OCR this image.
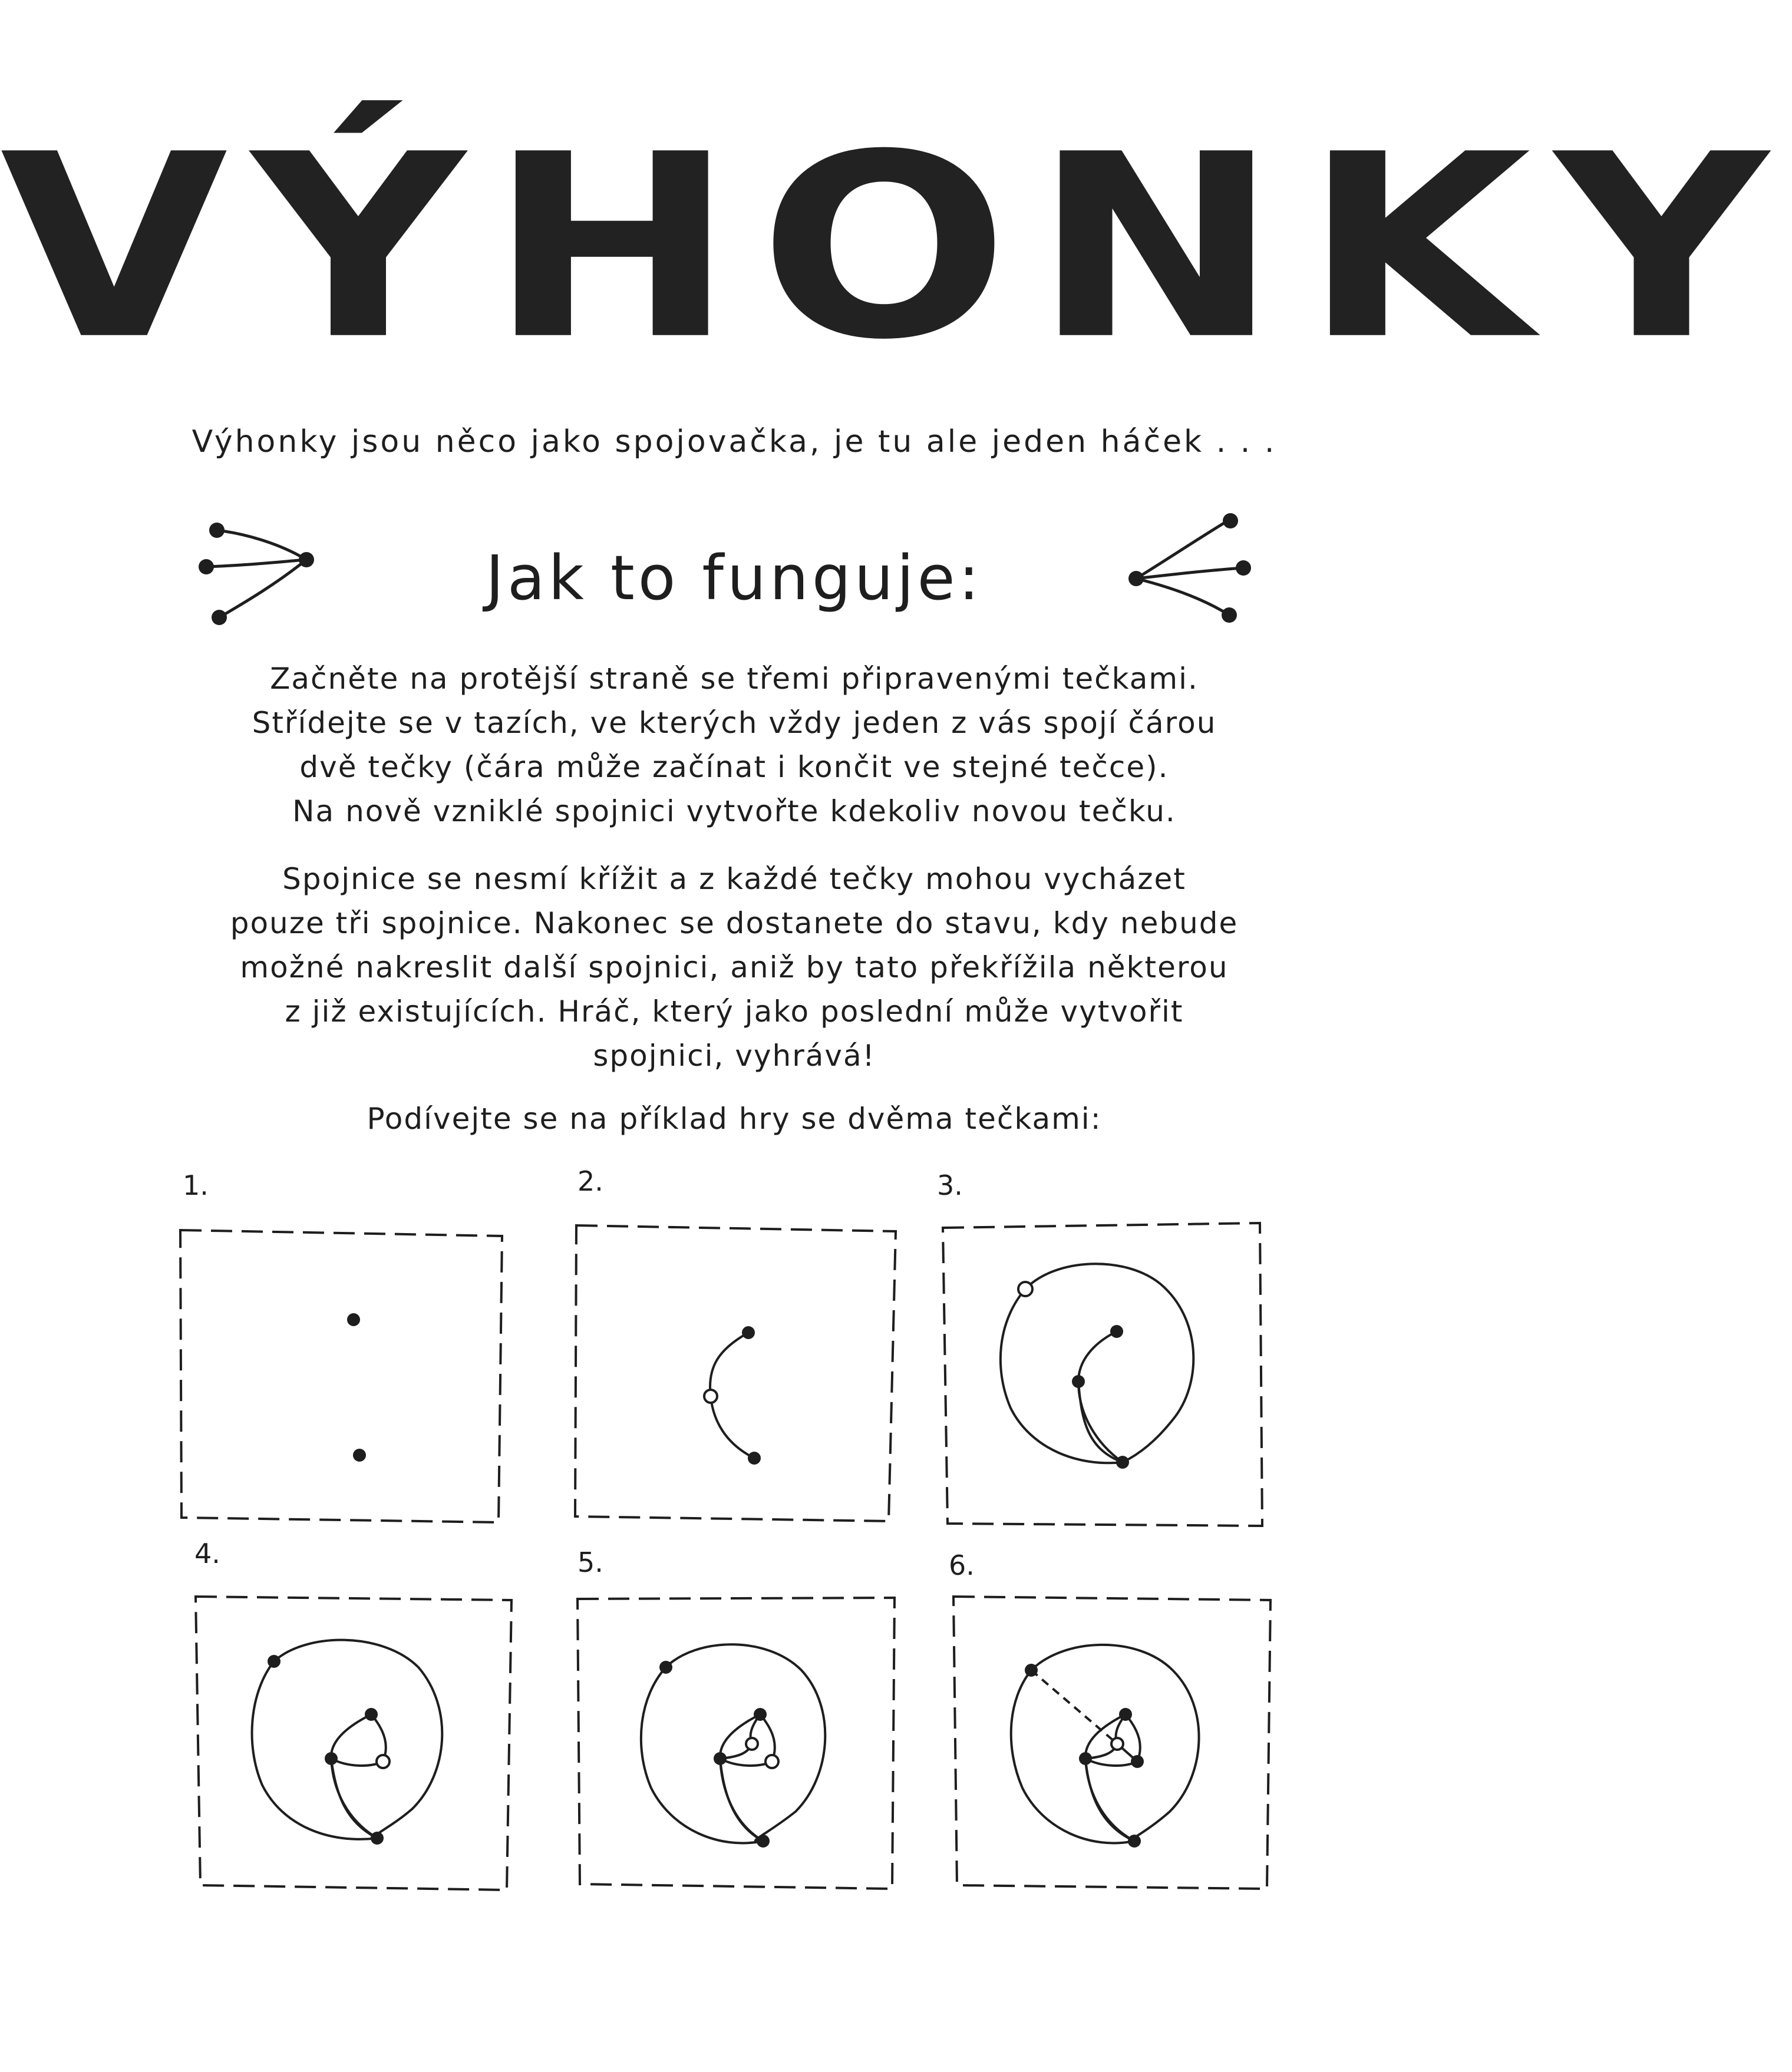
VÝHONKY

Výhonky jsou něco jako spojovačka, je tu ale jeden háček . . .

Jak to funguje:
Začněte na protější straně se třemi připravenými tečkami.
Střídejte se v tazích, ve kterých vždy jeden z vás spojí čárou
dvě tečky (čára může začínat i končit ve stejné tečce).
Na nově vzniklé spojnici vytvořte kdekoliv novou tečku.
Spojnice se nesmí křížit a z každé tečky mohou vycházet
pouze tři spojnice. Nakonec se dostanete do stavu, kdy nebude
možné nakreslit další spojnici, aniž by tato překřížila některou
z již existujících. Hráč, který jako poslední může vytvořit
spojnici, vyhrává!

Podívejte se na příklad hry se dvěma tečkami:

1.	2.	3.

4.	5.	6.
